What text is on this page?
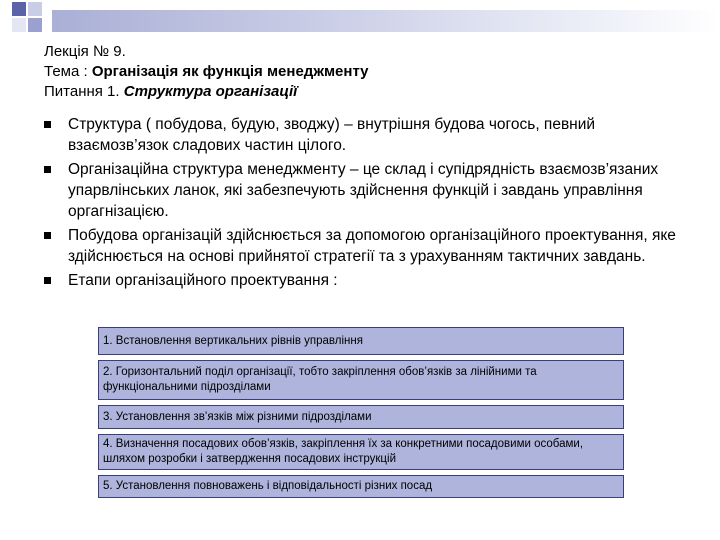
Лекція № 9.
Тема : Організація як функція менеджменту
Питання 1. Структура організації
Структура ( побудова, будую, зводжу) – внутрішня будова чогось, певний взаємозв’язок сладових частин цілого.
Організаційна структура менеджменту – це склад і супідрядність взаємозв’язаних упарвлінських ланок, які забезпечують здійснення функцій і завдань управління оргагнізацією.
Побудова організацій здійснюється за допомогою організаційного проектування, яке здійснюється на основі прийнятої стратегії та з урахуванням тактичних завдань.
Етапи організаційного проектування :
1. Встановлення вертикальних рівнів управління
2. Горизонтальний поділ організації, тобто закріплення обов’язків за лінійними та функціональними підрозділами
3. Установлення зв’язків між різними підрозділами
4. Визначення посадових обов’язків, закріплення їх за конкретними посадовими особами, шляхом розробки і затвердження посадових інструкцій
5. Установлення повноважень і відповідальності різних посад
